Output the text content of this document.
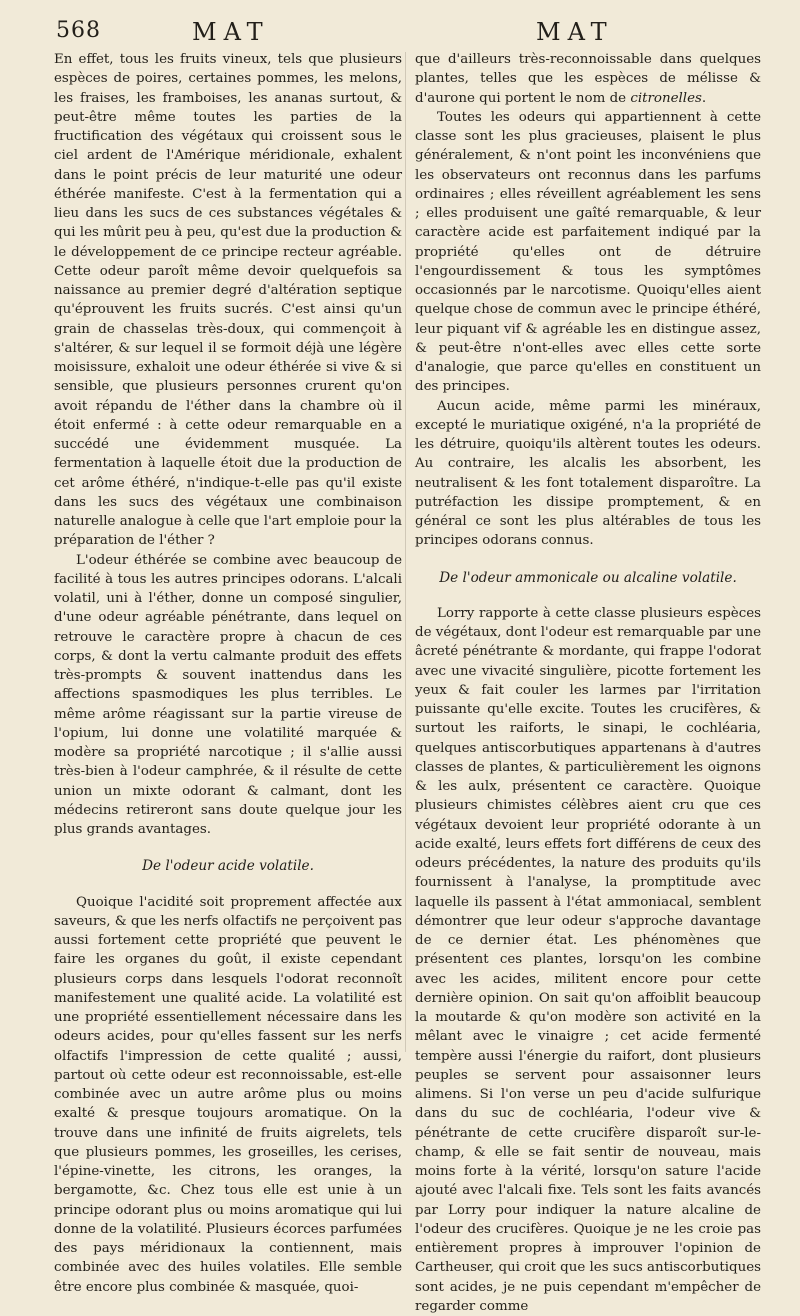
568	MAT	MAT

En effet, tous les fruits vineux, tels que plusieurs espèces de poires, certaines pommes, les melons, les fraises, les framboises, les ananas surtout, & peut-être même toutes les parties de la fructification des végétaux qui croissent sous le ciel ardent de l'Amérique méridionale, exhalent dans le point précis de leur maturité une odeur éthérée manifeste. C'est à la fermentation qui a lieu dans les sucs de ces substances végétales & qui les mûrit peu à peu, qu'est due la production & le développement de ce principe recteur agréable. Cette odeur paroît même devoir quelquefois sa naissance au premier degré d'altération septique qu'éprouvent les fruits sucrés. C'est ainsi qu'un grain de chasselas très-doux, qui commençoit à s'altérer, & sur lequel il se formoit déjà une légère moisissure, exhaloit une odeur éthérée si vive & si sensible, que plusieurs personnes crurent qu'on avoit répandu de l'éther dans la chambre où il étoit enfermé : à cette odeur remarquable en a succédé une évidemment musquée. La fermentation à laquelle étoit due la production de cet arôme éthéré, n'indique-t-elle pas qu'il existe dans les sucs des végétaux une combinaison naturelle analogue à celle que l'art emploie pour la préparation de l'éther ?

L'odeur éthérée se combine avec beaucoup de facilité à tous les autres principes odorans. L'alcali volatil, uni à l'éther, donne un composé singulier, d'une odeur agréable pénétrante, dans lequel on retrouve le caractère propre à chacun de ces corps, & dont la vertu calmante produit des effets très-prompts & souvent inattendus dans les affections spasmodiques les plus terribles. Le même arôme réagissant sur la partie vireuse de l'opium, lui donne une volatilité marquée & modère sa propriété narcotique ; il s'allie aussi très-bien à l'odeur camphrée, & il résulte de cette union un mixte odorant & calmant, dont les médecins retireront sans doute quelque jour les plus grands avantages.

De l'odeur acide volatile.

Quoique l'acidité soit proprement affectée aux saveurs, & que les nerfs olfactifs ne perçoivent pas aussi fortement cette propriété que peuvent le faire les organes du goût, il existe cependant plusieurs corps dans lesquels l'odorat reconnoît manifestement une qualité acide. La volatilité est une propriété essentiellement nécessaire dans les odeurs acides, pour qu'elles fassent sur les nerfs olfactifs l'impression de cette qualité ; aussi, partout où cette odeur est reconnoissable, est-elle combinée avec un autre arôme plus ou moins exalté & presque toujours aromatique. On la trouve dans une infinité de fruits aigrelets, tels que plusieurs pommes, les groseilles, les cerises, l'épine-vinette, les citrons, les oranges, la bergamotte, &c. Chez tous elle est unie à un principe odorant plus ou moins aromatique qui lui donne de la volatilité. Plusieurs écorces parfumées des pays méridionaux la contiennent, mais combinée avec des huiles volatiles. Elle semble être encore plus combinée & masquée, quoi-

que d'ailleurs très-reconnoissable dans quelques plantes, telles que les espèces de mélisse & d'aurone qui portent le nom de citronelles.

Toutes les odeurs qui appartiennent à cette classe sont les plus gracieuses, plaisent le plus généralement, & n'ont point les inconvéniens que les observateurs ont reconnus dans les parfums ordinaires ; elles réveillent agréablement les sens ; elles produisent une gaîté remarquable, & leur caractère acide est parfaitement indiqué par la propriété qu'elles ont de détruire l'engourdissement & tous les symptômes occasionnés par le narcotisme. Quoiqu'elles aient quelque chose de commun avec le principe éthéré, leur piquant vif & agréable les en distingue assez, & peut-être n'ont-elles avec elles cette sorte d'analogie, que parce qu'elles en constituent un des principes.

Aucun acide, même parmi les minéraux, excepté le muriatique oxigéné, n'a la propriété de les détruire, quoiqu'ils altèrent toutes les odeurs. Au contraire, les alcalis les absorbent, les neutralisent & les font totalement disparoître. La putréfaction les dissipe promptement, & en général ce sont les plus altérables de tous les principes odorans connus.

De l'odeur ammonicale ou alcaline volatile.

Lorry rapporte à cette classe plusieurs espèces de végétaux, dont l'odeur est remarquable par une âcreté pénétrante & mordante, qui frappe l'odorat avec une vivacité singulière, picotte fortement les yeux & fait couler les larmes par l'irritation puissante qu'elle excite. Toutes les crucifères, & surtout les raiforts, le sinapi, le cochléaria, quelques antiscorbutiques appartenans à d'autres classes de plantes, & particulièrement les oignons & les aulx, présentent ce caractère. Quoique plusieurs chimistes célèbres aient cru que ces végétaux devoient leur propriété odorante à un acide exalté, leurs effets fort différens de ceux des odeurs précédentes, la nature des produits qu'ils fournissent à l'analyse, la promptitude avec laquelle ils passent à l'état ammoniacal, semblent démontrer que leur odeur s'approche davantage de ce dernier état. Les phénomènes que présentent ces plantes, lorsqu'on les combine avec les acides, militent encore pour cette dernière opinion. On sait qu'on affoiblit beaucoup la moutarde & qu'on modère son activité en la mêlant avec le vinaigre ; cet acide fermenté tempère aussi l'énergie du raifort, dont plusieurs peuples se servent pour assaisonner leurs alimens. Si l'on verse un peu d'acide sulfurique dans du suc de cochléaria, l'odeur vive & pénétrante de cette crucifère disparoît sur-le-champ, & elle se fait sentir de nouveau, mais moins forte à la vérité, lorsqu'on sature l'acide ajouté avec l'alcali fixe. Tels sont les faits avancés par Lorry pour indiquer la nature alcaline de l'odeur des crucifères. Quoique je ne les croie pas entièrement propres à improuver l'opinion de Cartheuser, qui croit que les sucs antiscorbutiques sont acides, je ne puis cependant m'empêcher de regarder comme
